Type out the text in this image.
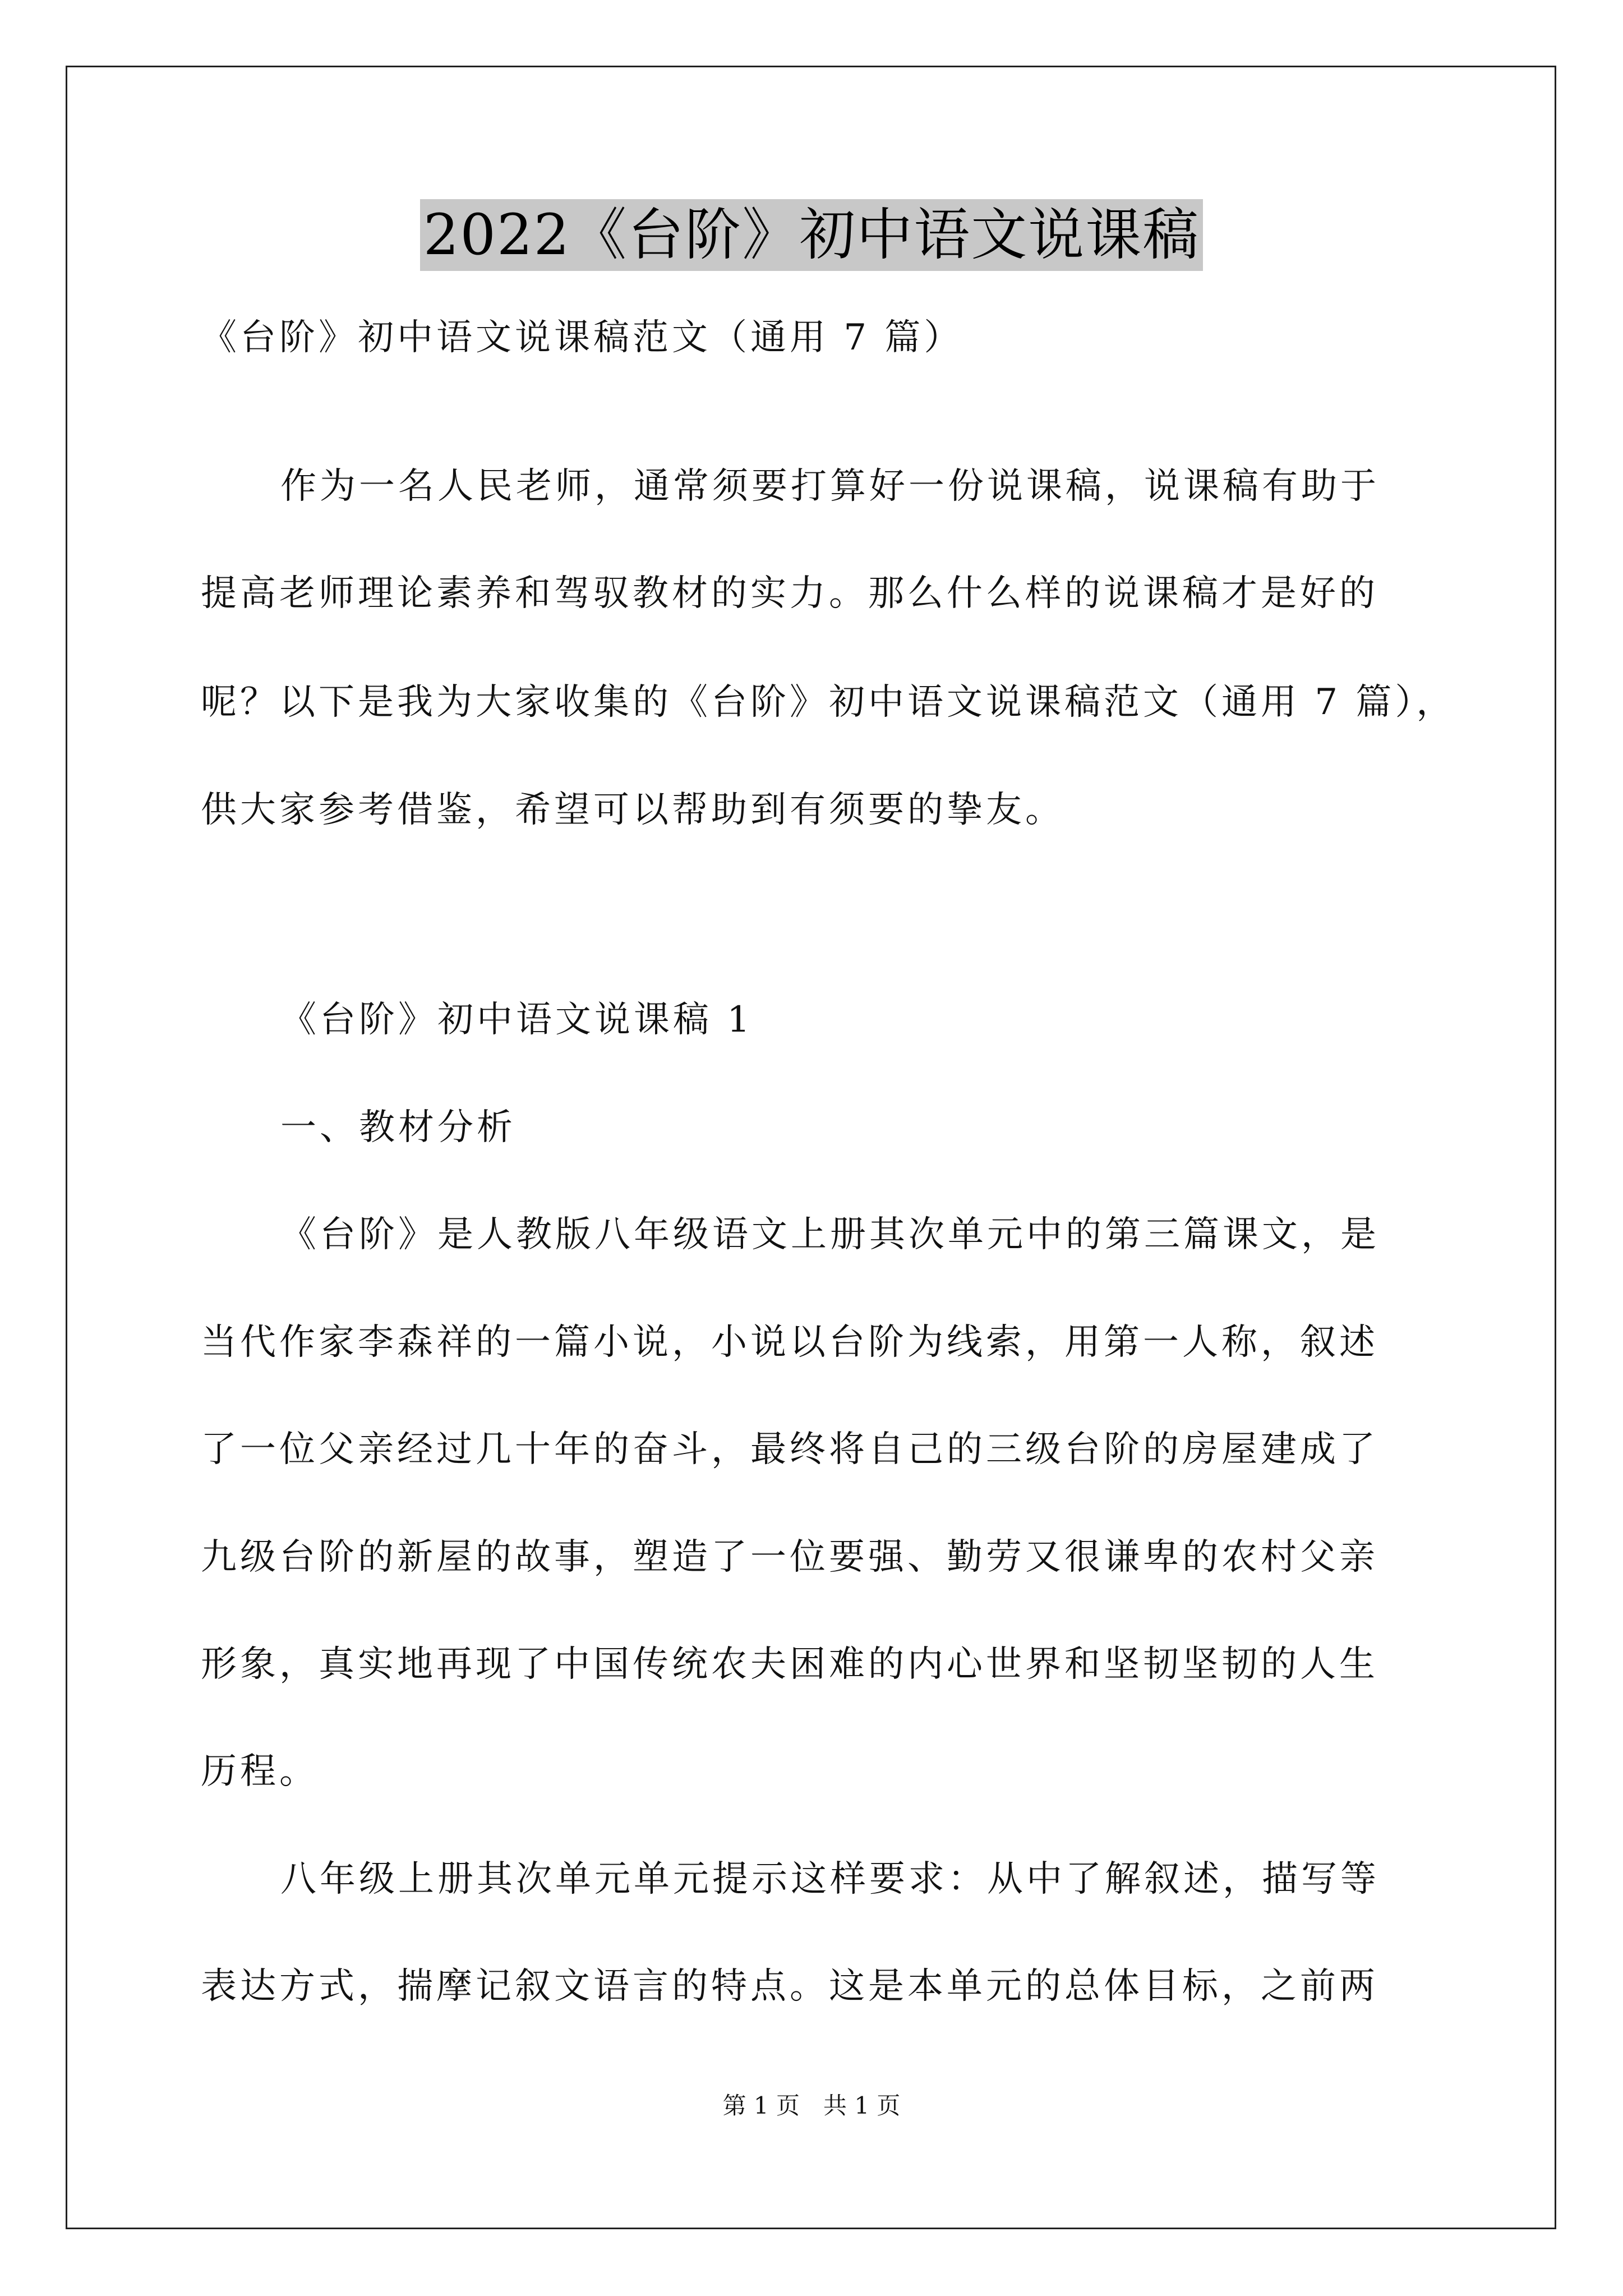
2022《台阶》初中语文说课稿
《台阶》初中语文说课稿范文（通用 7 篇）
作为一名人民老师，通常须要打算好一份说课稿，说课稿有助于
提高老师理论素养和驾驭教材的实力。那么什么样的说课稿才是好的
呢？以下是我为大家收集的《台阶》初中语文说课稿范文（通用 7 篇），
供大家参考借鉴，希望可以帮助到有须要的挚友。
《台阶》初中语文说课稿 1
一、教材分析
《台阶》是人教版八年级语文上册其次单元中的第三篇课文，是
当代作家李森祥的一篇小说，小说以台阶为线索，用第一人称，叙述
了一位父亲经过几十年的奋斗，最终将自己的三级台阶的房屋建成了
九级台阶的新屋的故事，塑造了一位要强、勤劳又很谦卑的农村父亲
形象，真实地再现了中国传统农夫困难的内心世界和坚韧坚韧的人生
历程。
八年级上册其次单元单元提示这样要求：从中了解叙述，描写等
表达方式，揣摩记叙文语言的特点。这是本单元的总体目标，之前两
第 1 页　共 1 页
